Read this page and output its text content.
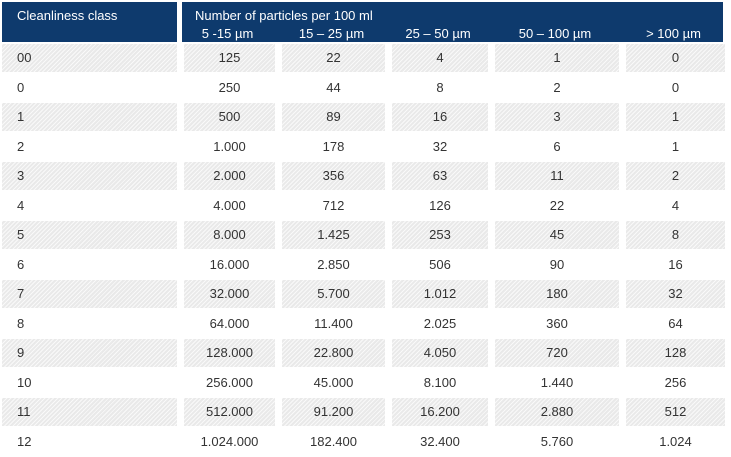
Cleanliness class	Number of particles per 100 ml
5 -15 µm	15 – 25 µm	25 – 50 µm	50 – 100 µm	> 100 µm
00	125	22	4	1	0
0	250	44	8	2	0
1	500	89	16	3	1
2	1.000	178	32	6	1
3	2.000	356	63	11	2
4	4.000	712	126	22	4
5	8.000	1.425	253	45	8
6	16.000	2.850	506	90	16
7	32.000	5.700	1.012	180	32
8	64.000	11.400	2.025	360	64
9	128.000	22.800	4.050	720	128
10	256.000	45.000	8.100	1.440	256
11	512.000	91.200	16.200	2.880	512
12	1.024.000	182.400	32.400	5.760	1.024
